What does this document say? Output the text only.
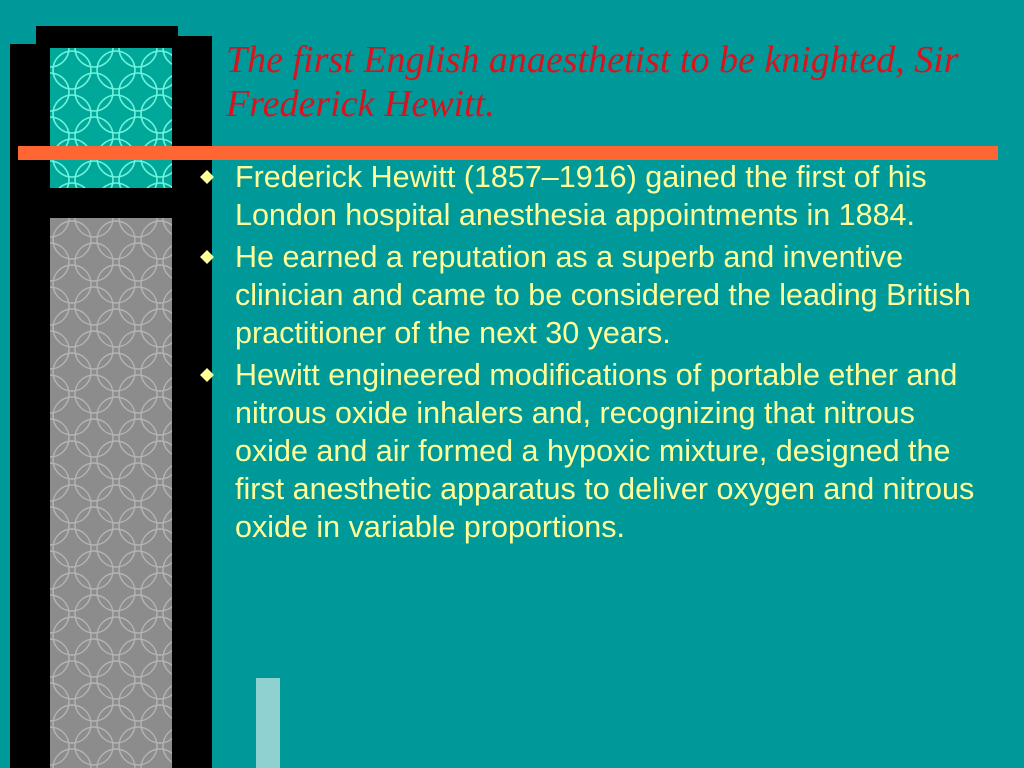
The first English anaesthetist to be knighted, Sir Frederick Hewitt.
Frederick Hewitt (1857–1916) gained the first of his London hospital anesthesia appointments in 1884.
He earned a reputation as a superb and inventive clinician and came to be considered the leading British practitioner of the next 30 years.
Hewitt engineered modifications of portable ether and nitrous oxide inhalers and, recognizing that nitrous oxide and air formed a hypoxic mixture, designed the first anesthetic apparatus to deliver oxygen and nitrous oxide in variable proportions.
